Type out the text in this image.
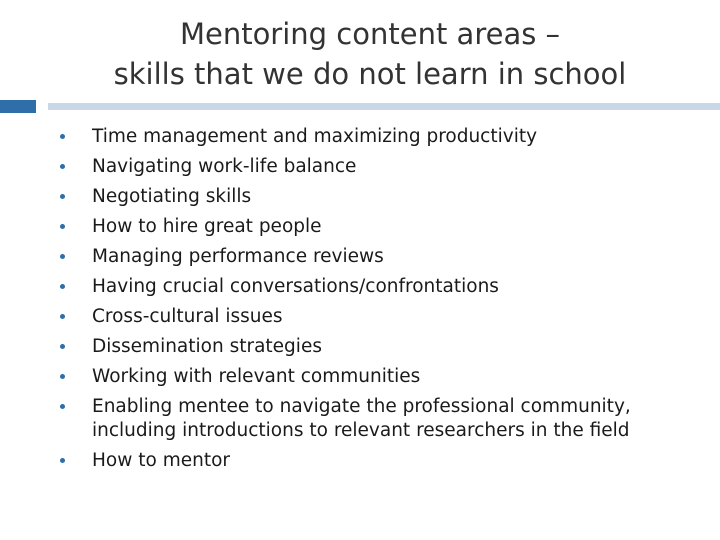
Mentoring content areas –
skills that we do not learn in school
Time management and maximizing productivity
Navigating work-life balance
Negotiating skills
How to hire great people
Managing performance reviews
Having crucial conversations/confrontations
Cross-cultural issues
Dissemination strategies
Working with relevant communities
Enabling mentee to navigate the professional community, including introductions to relevant researchers in the field
How to mentor
